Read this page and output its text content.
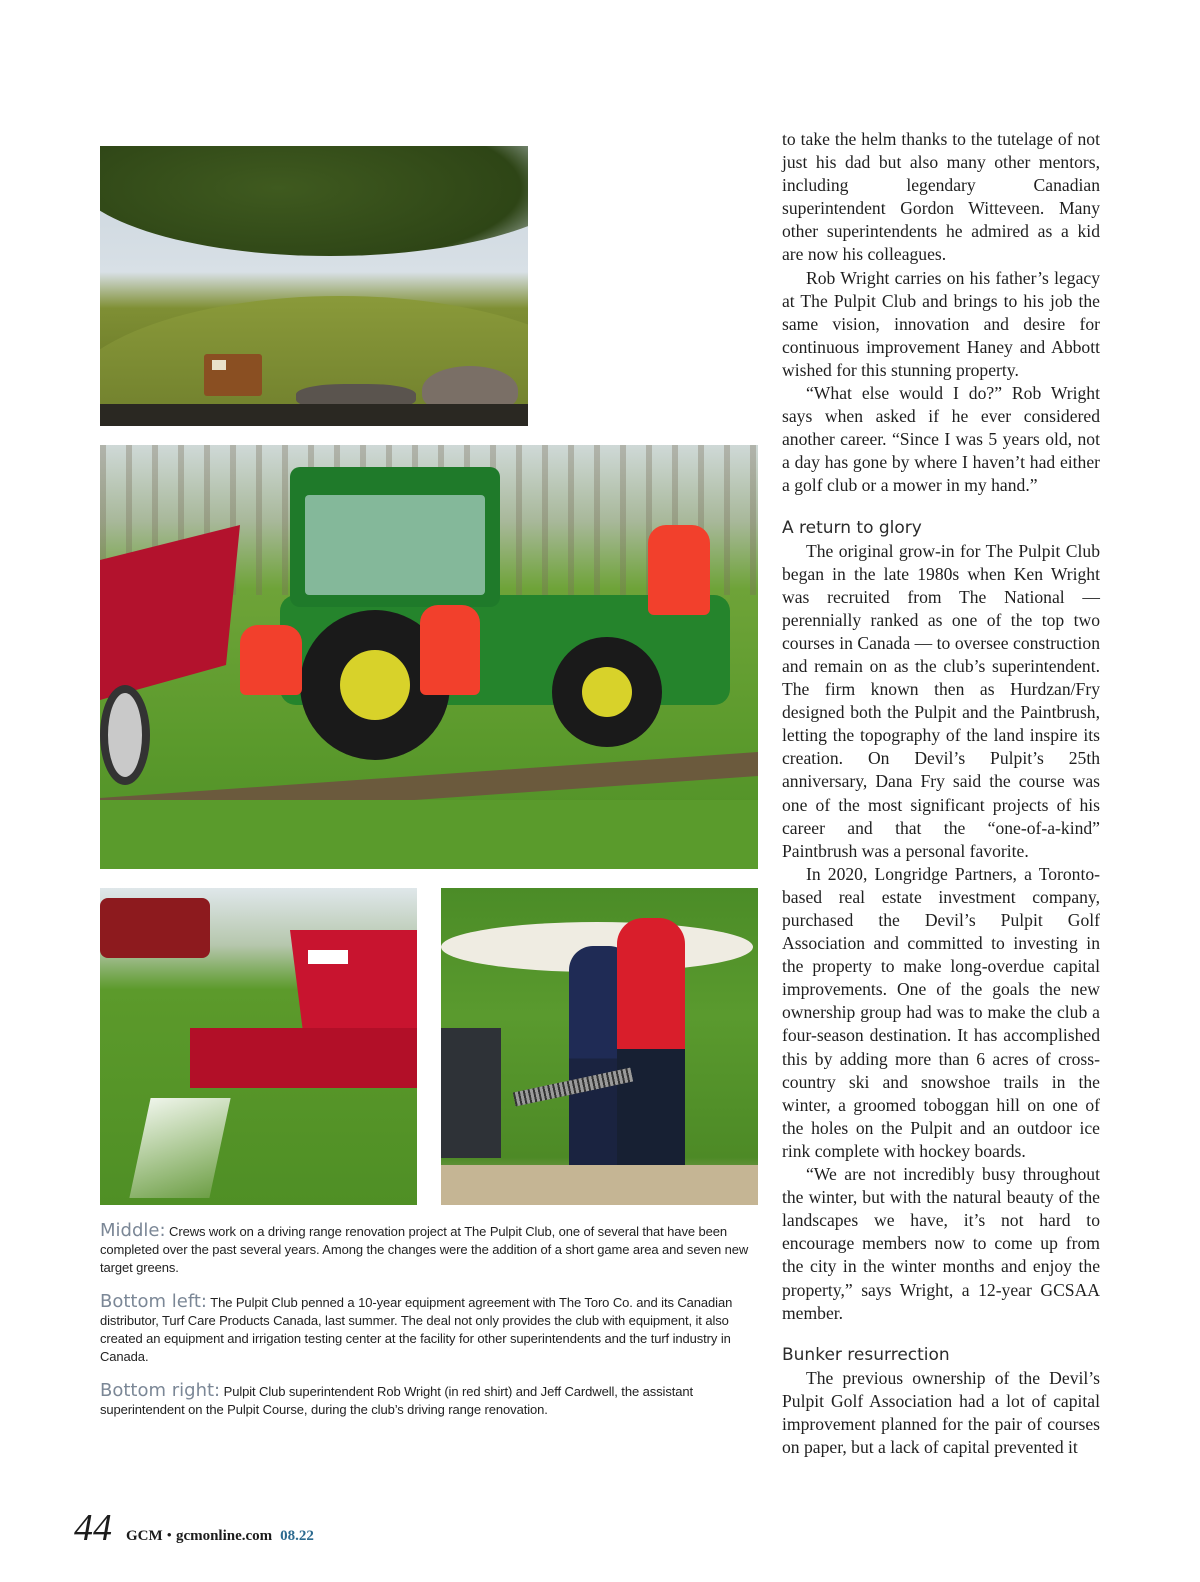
Middle: Crews work on a driving range renovation project at The Pulpit Club, one of several that have been completed over the past several years. Among the changes were the addition of a short game area and seven new target greens.

Bottom left: The Pulpit Club penned a 10-year equipment agreement with The Toro Co. and its Canadian distributor, Turf Care Products Canada, last summer. The deal not only provides the club with equipment, it also created an equipment and irrigation testing center at the facility for other superintendents and the turf industry in Canada.

Bottom right: Pulpit Club superintendent Rob Wright (in red shirt) and Jeff Cardwell, the assistant superintendent on the Pulpit Course, during the club’s driving range renovation.

to take the helm thanks to the tutelage of not just his dad but also many other mentors, including legendary Canadian superintendent Gordon Witteveen. Many other superintendents he admired as a kid are now his colleagues.

Rob Wright carries on his father’s legacy at The Pulpit Club and brings to his job the same vision, innovation and desire for continuous improvement Haney and Abbott wished for this stunning property.

“What else would I do?” Rob Wright says when asked if he ever considered another career. “Since I was 5 years old, not a day has gone by where I haven’t had either a golf club or a mower in my hand.”

A return to glory

The original grow-in for The Pulpit Club began in the late 1980s when Ken Wright was recruited from The National — perennially ranked as one of the top two courses in Canada — to oversee construction and remain on as the club’s superintendent. The firm known then as Hurdzan/Fry designed both the Pulpit and the Paintbrush, letting the topography of the land inspire its creation. On Devil’s Pulpit’s 25th anniversary, Dana Fry said the course was one of the most significant projects of his career and that the “one-of-a-kind” Paintbrush was a personal favorite.

In 2020, Longridge Partners, a Toronto-based real estate investment company, purchased the Devil’s Pulpit Golf Association and committed to investing in the property to make long-overdue capital improvements. One of the goals the new ownership group had was to make the club a four-season destination. It has accomplished this by adding more than 6 acres of cross-country ski and snowshoe trails in the winter, a groomed toboggan hill on one of the holes on the Pulpit and an outdoor ice rink complete with hockey boards.

“We are not incredibly busy throughout the winter, but with the natural beauty of the landscapes we have, it’s not hard to encourage members now to come up from the city in the winter months and enjoy the property,” says Wright, a 12-year GCSAA member.

Bunker resurrection

The previous ownership of the Devil’s Pulpit Golf Association had a lot of capital improvement planned for the pair of courses on paper, but a lack of capital prevented it

44 GCM • gcmonline.com 08.22
